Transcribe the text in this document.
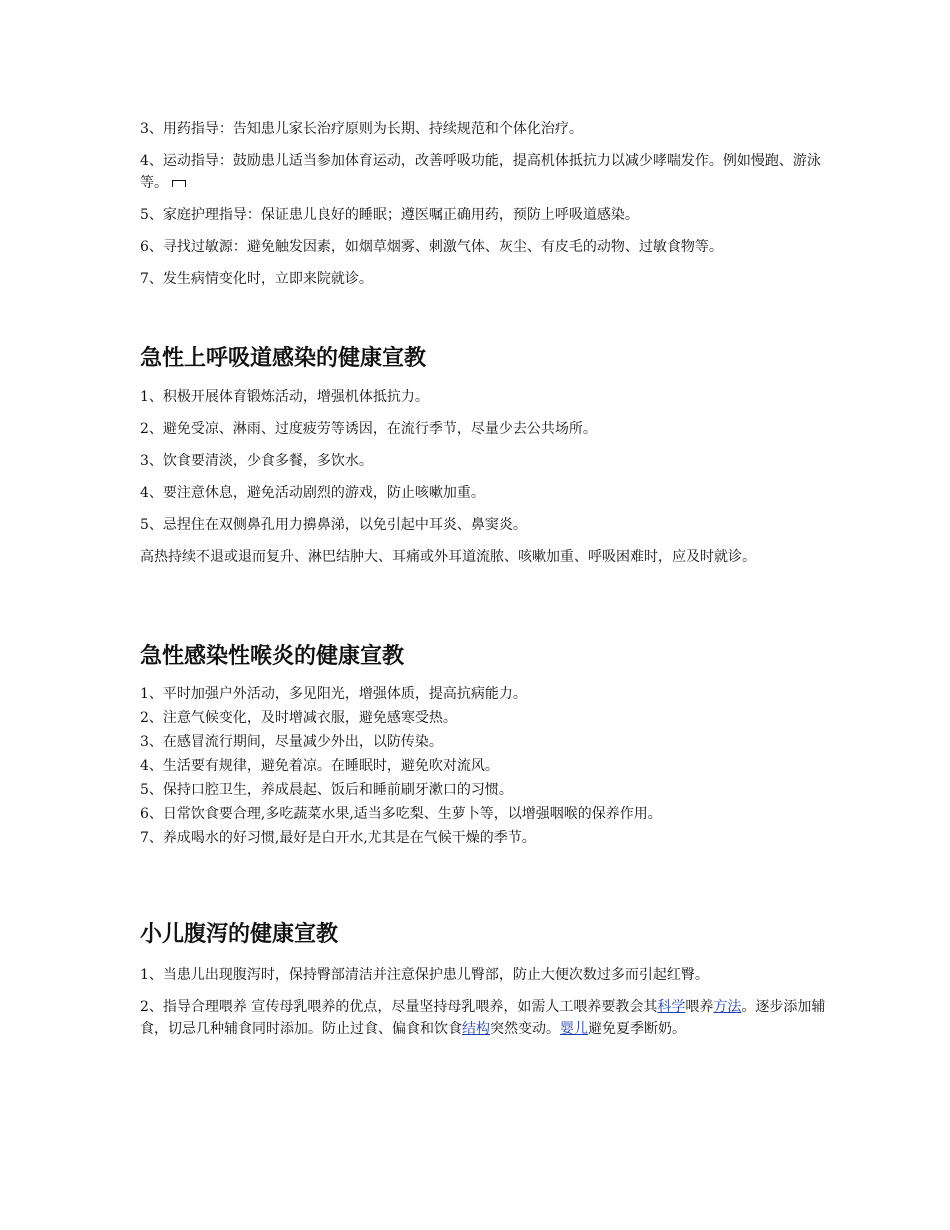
3、用药指导：告知患儿家长治疗原则为长期、持续规范和个体化治疗。

4、运动指导：鼓励患儿适当参加体育运动，改善呼吸功能，提高机体抵抗力以减少哮喘发作。例如慢跑、游泳等。

5、家庭护理指导：保证患儿良好的睡眠；遵医嘱正确用药，预防上呼吸道感染。

6、寻找过敏源：避免触发因素，如烟草烟雾、刺激气体、灰尘、有皮毛的动物、过敏食物等。

7、发生病情变化时，立即来院就诊。

急性上呼吸道感染的健康宣教

1、积极开展体育锻炼活动，增强机体抵抗力。

2、避免受凉、淋雨、过度疲劳等诱因，在流行季节，尽量少去公共场所。

3、饮食要清淡，少食多餐，多饮水。

4、要注意休息，避免活动剧烈的游戏，防止咳嗽加重。

5、忌捏住在双侧鼻孔用力擤鼻涕，以免引起中耳炎、鼻窦炎。

高热持续不退或退而复升、淋巴结肿大、耳痛或外耳道流脓、咳嗽加重、呼吸困难时，应及时就诊。

急性感染性喉炎的健康宣教

1、平时加强户外活动，多见阳光，增强体质，提高抗病能力。

2、注意气候变化，及时增减衣服，避免感寒受热。

3、在感冒流行期间，尽量减少外出，以防传染。

4、生活要有规律，避免着凉。在睡眠时，避免吹对流风。

5、保持口腔卫生，养成晨起、饭后和睡前刷牙漱口的习惯。

6、日常饮食要合理,多吃蔬菜水果,适当多吃梨、生萝卜等，以增强咽喉的保养作用。

7、养成喝水的好习惯,最好是白开水,尤其是在气候干燥的季节。

小儿腹泻的健康宣教

1、当患儿出现腹泻时，保持臀部清洁并注意保护患儿臀部，防止大便次数过多而引起红臀。

2、指导合理喂养 宣传母乳喂养的优点，尽量坚持母乳喂养，如需人工喂养要教会其科学喂养方法。逐步添加辅食，切忌几种辅食同时添加。防止过食、偏食和饮食结构突然变动。婴儿避免夏季断奶。
